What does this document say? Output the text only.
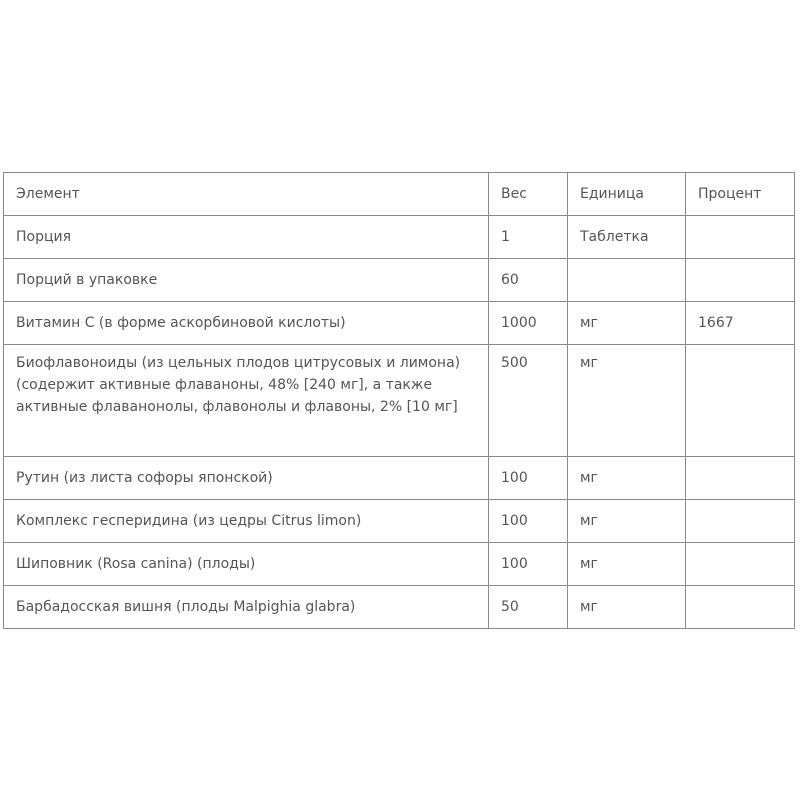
Элемент	Вес	Единица	Процент
Порция	1	Таблетка	
Порций в упаковке	60		
Витамин С (в форме аскорбиновой кислоты)	1000	мг	1667
Биофлавоноиды (из цельных плодов цитрусовых и лимона) (содержит активные флаваноны, 48% [240 мг], а также активные флаванонолы, флавонолы и флавоны, 2% [10 мг]	500	мг	
Рутин (из листа софоры японской)	100	мг	
Комплекс гесперидина (из цедры Citrus limon)	100	мг	
Шиповник (Rosa canina) (плоды)	100	мг	
Барбадосская вишня (плоды Malpighia glabra)	50	мг	
